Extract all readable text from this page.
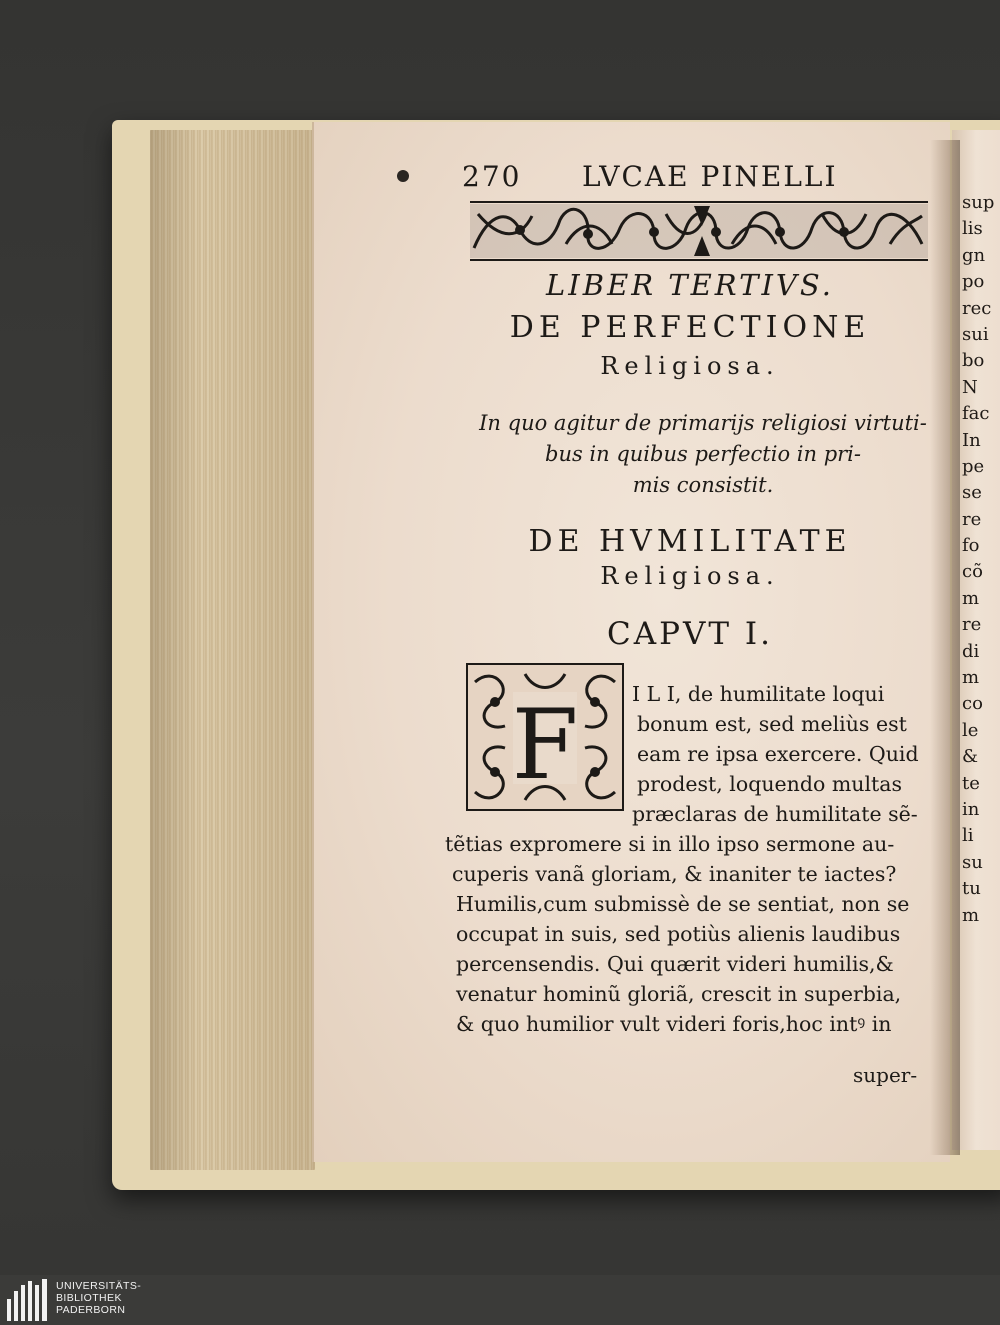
sup
lis
gn
po
rec
sui
bo
N
fac
In
pe
se
re
fo
cõ
m
re
di
m
co
le
&
te
in
li
su
tu
m
270 LVCAE PINELLI
LIBER TERTIVS.
DE PERFECTIONE
Religiosa.
In quo agitur de primarijs religiosi virtuti-
bus in quibus perfectio in pri-
mis consistit.
DE HVMILITATE
Religiosa.
CAPVT I.
F	I L I, de humilitate loqui
bonum est, sed meliùs est
eam re ipsa exercere. Quid
prodest, loquendo multas
præclaras de humilitate sẽ-
tẽtias expromere si in illo ipso sermone au-
cuperis vanã gloriam, & inaniter te iactes?
Humilis,cum submissè de se sentiat, non se
occupat in suis, sed potiùs alienis laudibus
percensendis. Qui quærit videri humilis,&
venatur hominũ gloriã, crescit in superbia,
& quo humilior vult videri foris,hoc intꝰ in
super-
UNIVERSITÄTS-
BIBLIOTHEK
PADERBORN
